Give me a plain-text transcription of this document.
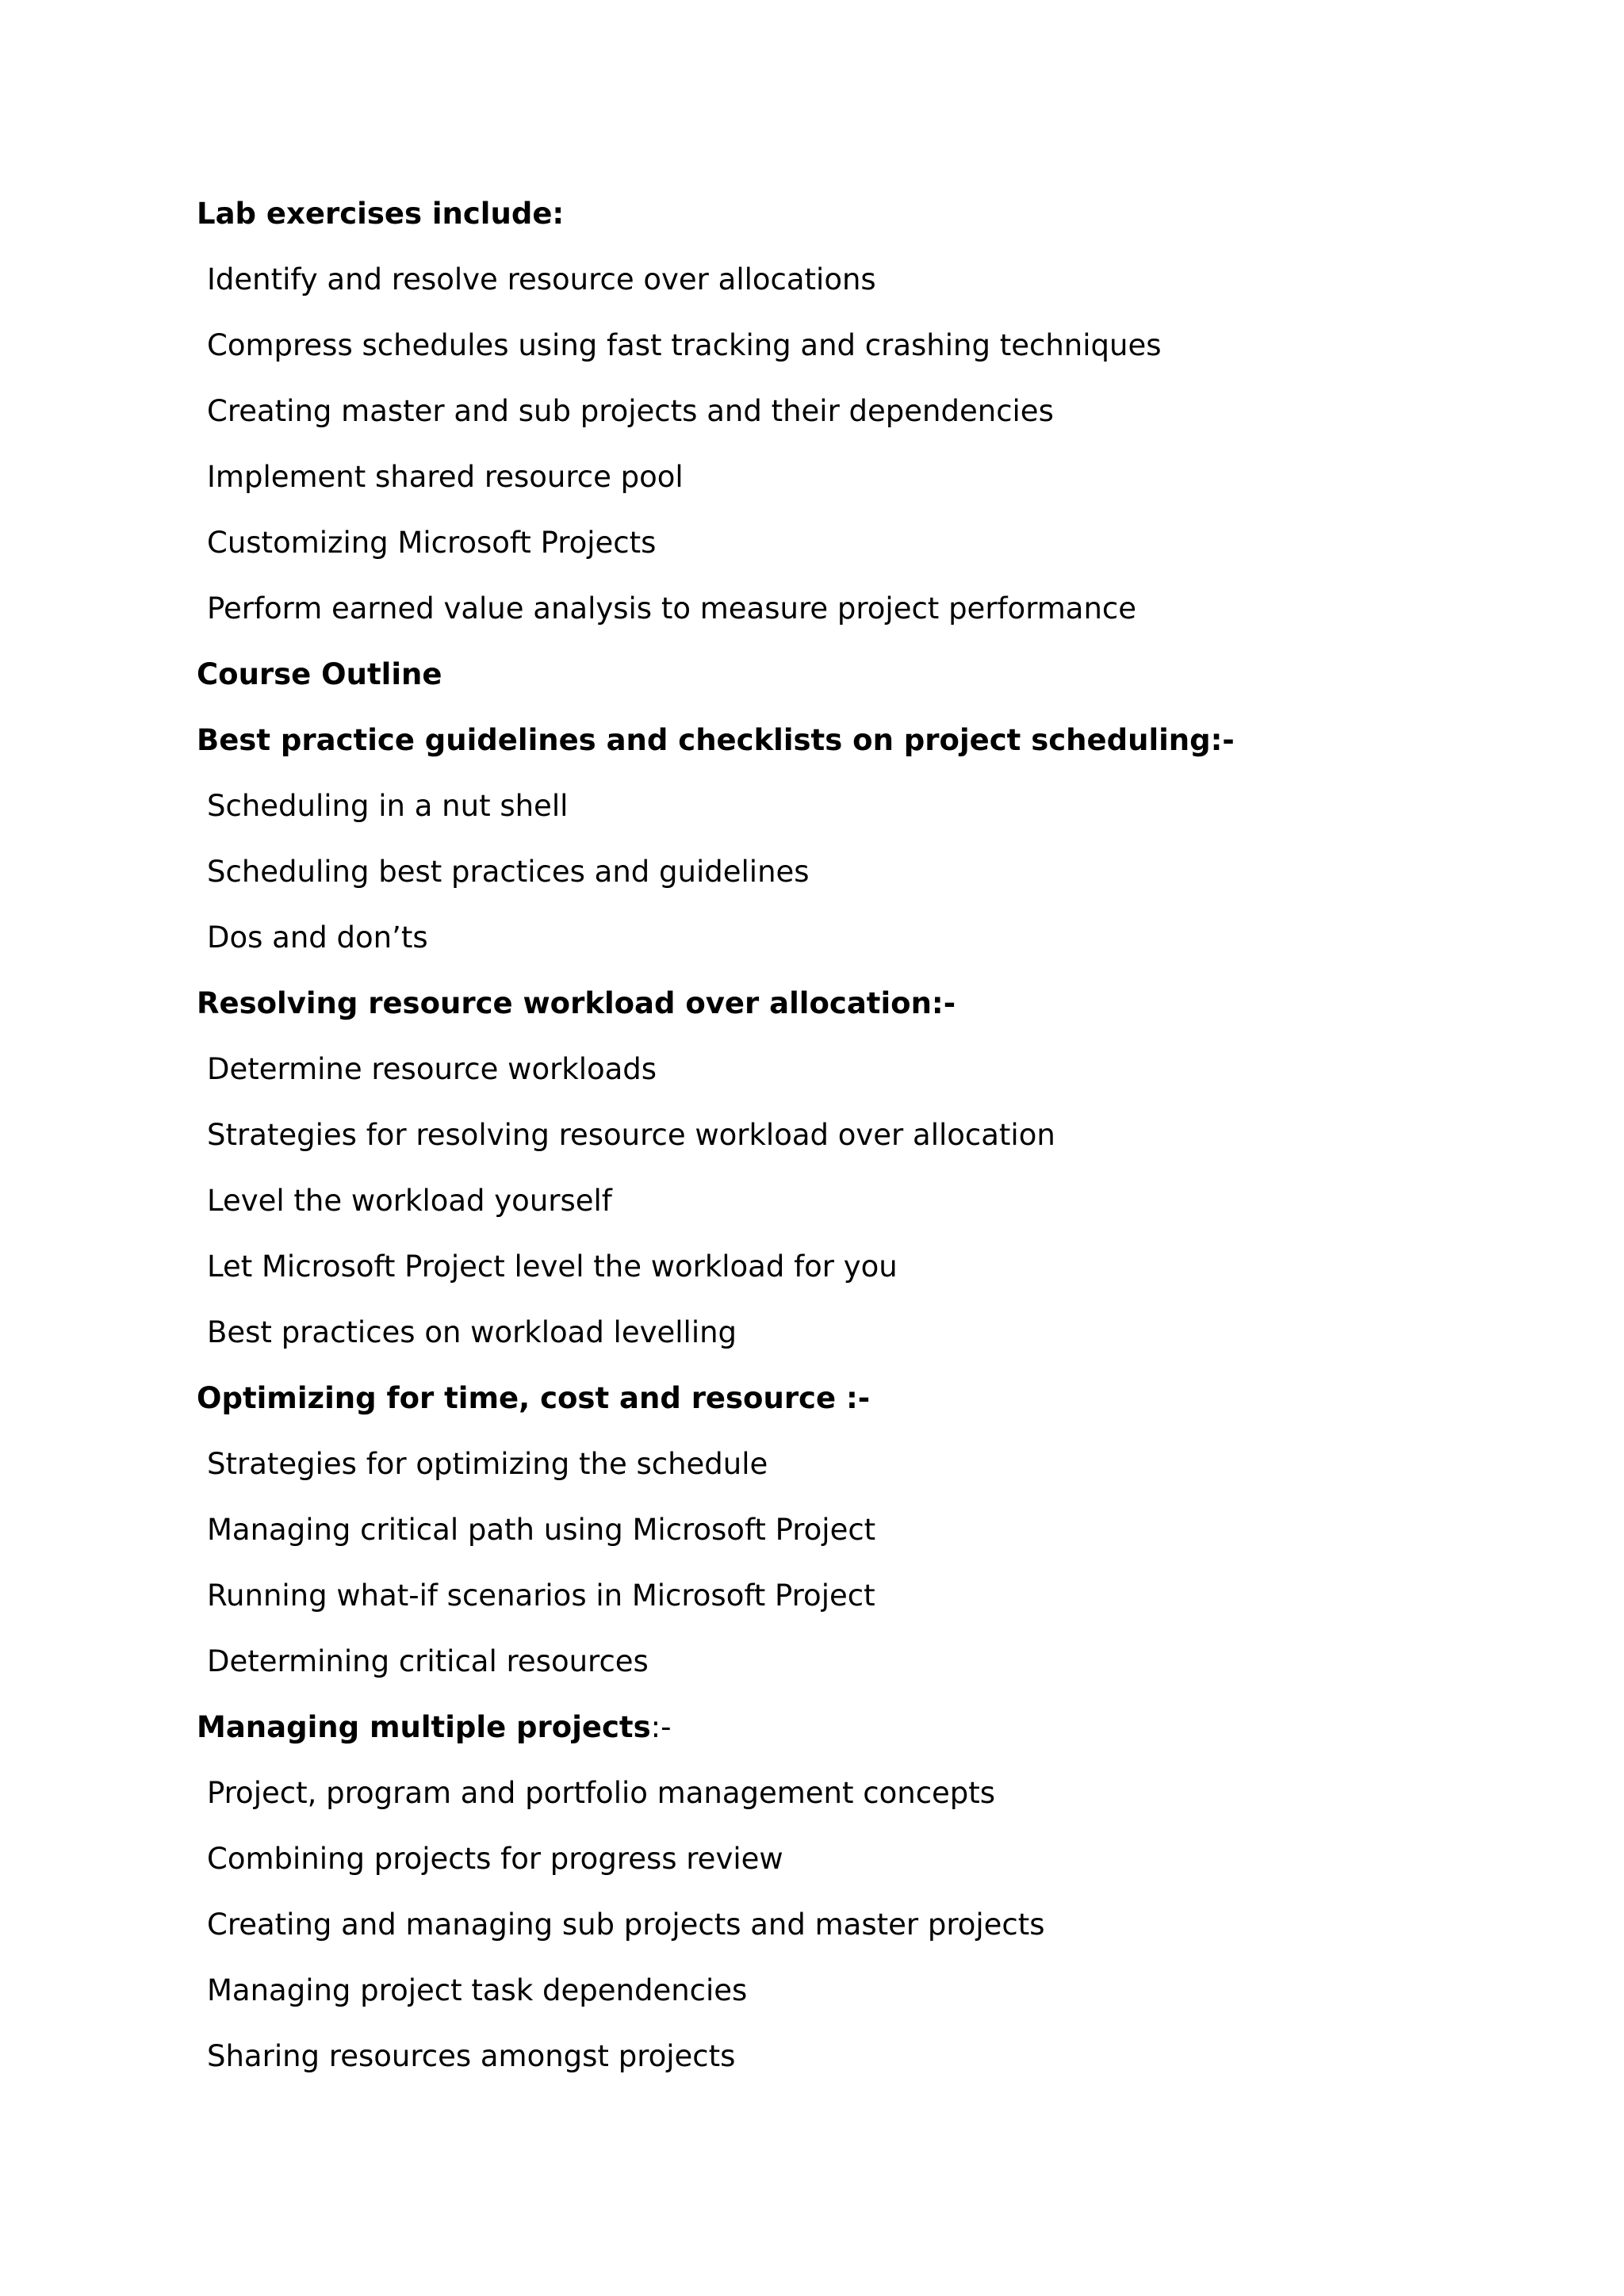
Lab exercises include:
Identify and resolve resource over allocations
Compress schedules using fast tracking and crashing techniques
Creating master and sub projects and their dependencies
Implement shared resource pool
Customizing Microsoft Projects
Perform earned value analysis to measure project performance
Course Outline
Best practice guidelines and checklists on project scheduling:-
Scheduling in a nut shell
Scheduling best practices and guidelines
Dos and don’ts
Resolving resource workload over allocation:-
Determine resource workloads
Strategies for resolving resource workload over allocation
Level the workload yourself
Let Microsoft Project level the workload for you
Best practices on workload levelling
Optimizing for time, cost and resource :-
Strategies for optimizing the schedule
Managing critical path using Microsoft Project
Running what-if scenarios in Microsoft Project
Determining critical resources
Managing multiple projects:-
Project, program and portfolio management concepts
Combining projects for progress review
Creating and managing sub projects and master projects
Managing project task dependencies
Sharing resources amongst projects
